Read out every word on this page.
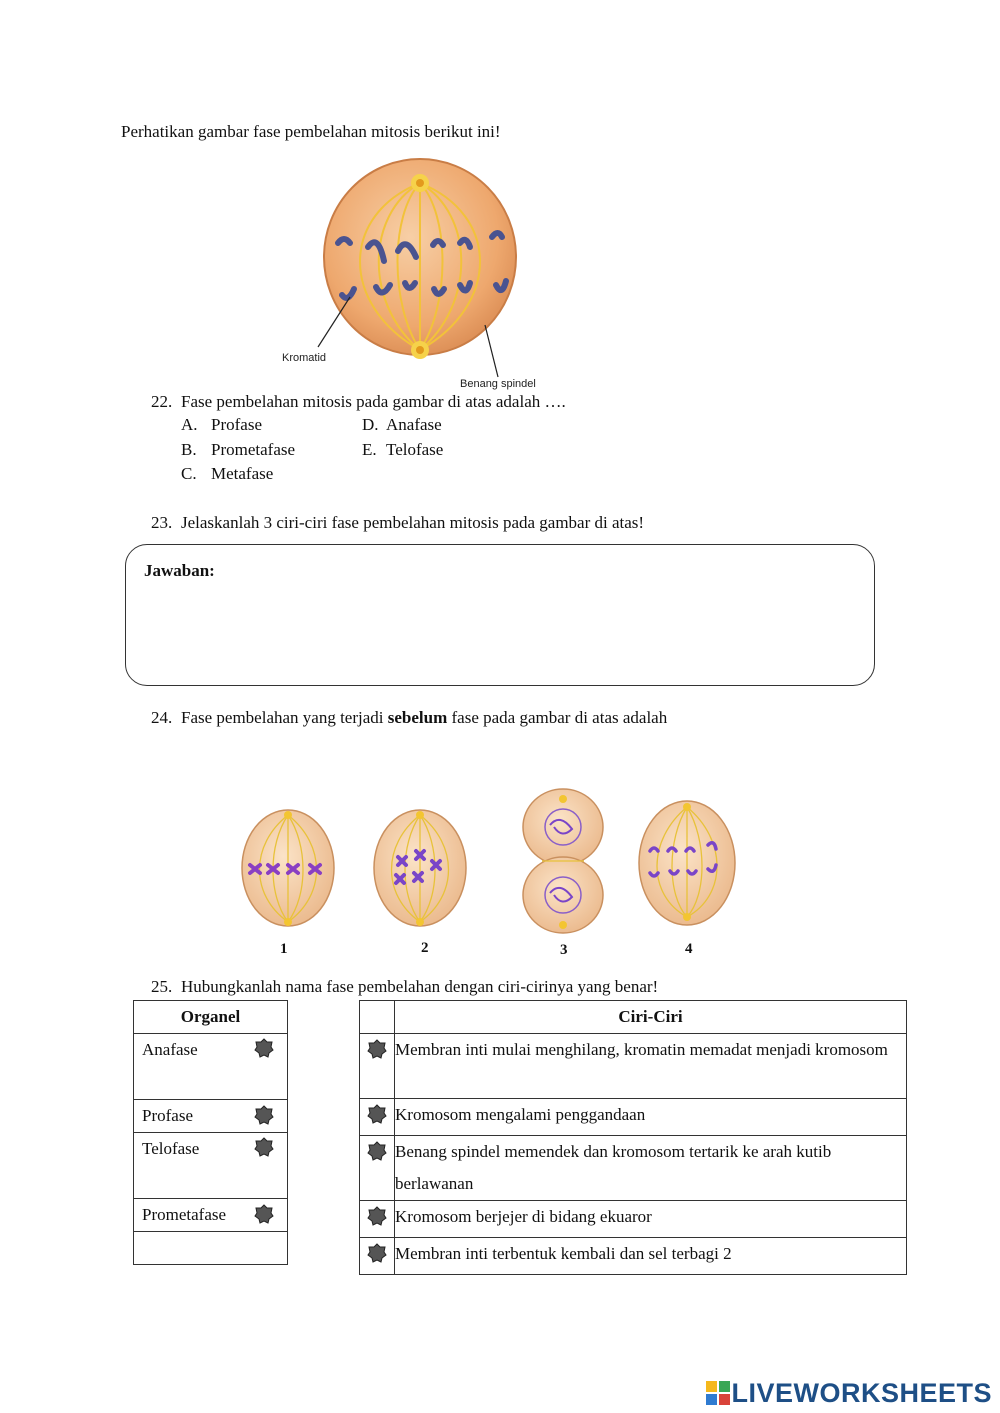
Perhatikan gambar fase pembelahan mitosis berikut ini!
Kromatid
Benang spindel
22. Fase pembelahan mitosis pada gambar di atas adalah ….
A. Profase
B. Prometafase
C. Metafase
D. Anafase
E. Telofase
23. Jelaskanlah 3 ciri-ciri fase pembelahan mitosis pada gambar di atas!
Jawaban:
24. Fase pembelahan yang terjadi sebelum fase pada gambar di atas adalah
1	2	3	4
25. Hubungkanlah nama fase pembelahan dengan ciri-cirinya yang benar!
Organel

Anafase

Profase

Telofase

Prometafase

	Ciri-Ciri
	Membran inti mulai menghilang, kromatin memadat menjadi kromosom
	Kromosom mengalami penggandaan
	Benang spindel memendek dan kromosom tertarik ke arah kutib berlawanan
	Kromosom berjejer di bidang ekuaror
	Membran inti terbentuk kembali dan sel terbagi 2
LIVEWORKSHEETS
